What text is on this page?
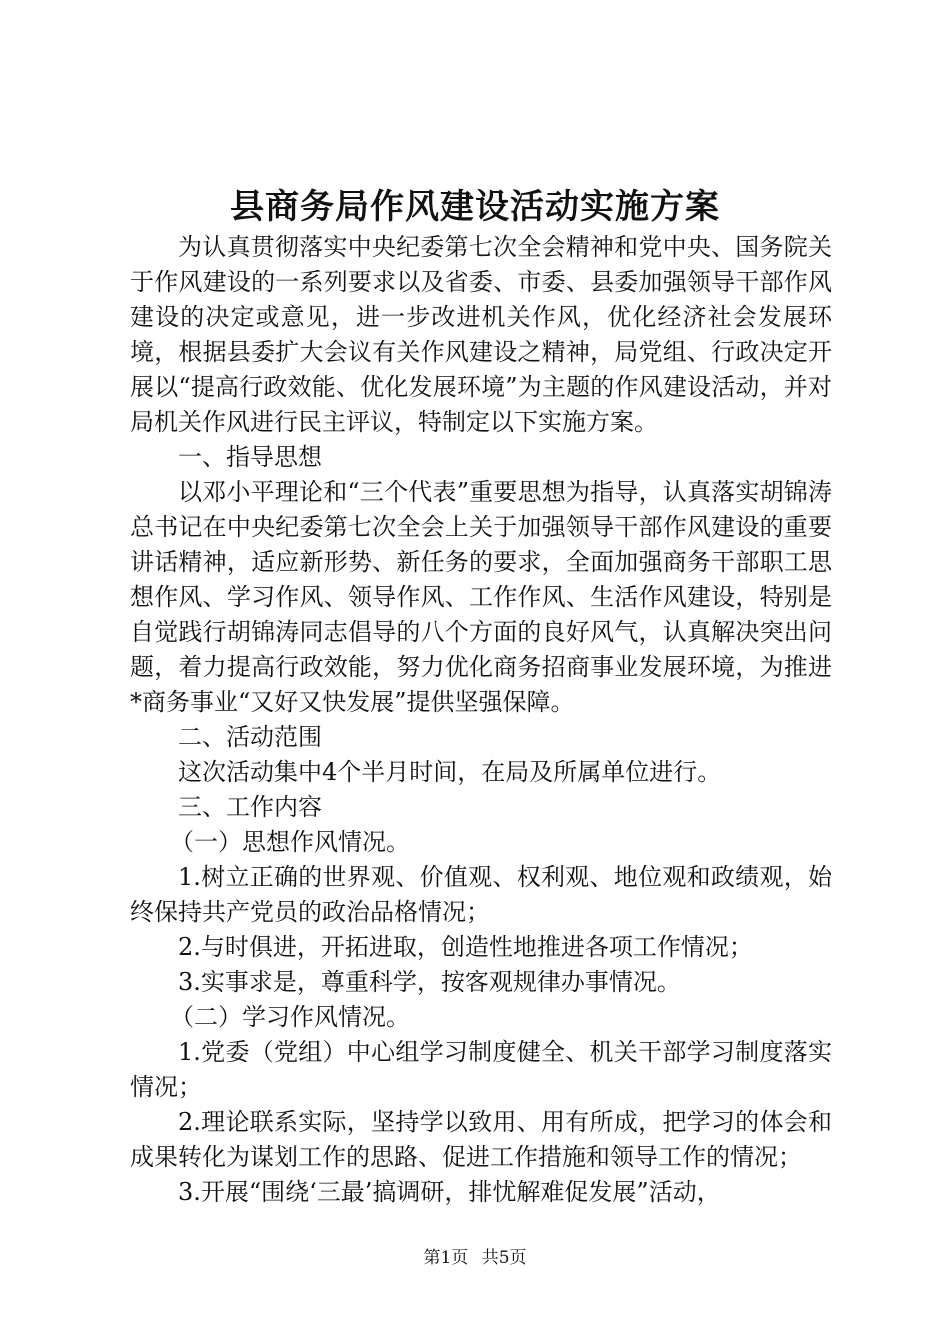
县商务局作风建设活动实施方案

为认真贯彻落实中央纪委第七次全会精神和党中央、国务院关于作风建设的一系列要求以及省委、市委、县委加强领导干部作风建设的决定或意见，进一步改进机关作风，优化经济社会发展环境，根据县委扩大会议有关作风建设之精神，局党组、行政决定开展以“提高行政效能、优化发展环境”为主题的作风建设活动，并对局机关作风进行民主评议，特制定以下实施方案。

一、指导思想

以邓小平理论和“三个代表”重要思想为指导，认真落实胡锦涛总书记在中央纪委第七次全会上关于加强领导干部作风建设的重要讲话精神，适应新形势、新任务的要求，全面加强商务干部职工思想作风、学习作风、领导作风、工作作风、生活作风建设，特别是自觉践行胡锦涛同志倡导的八个方面的良好风气，认真解决突出问题，着力提高行政效能，努力优化商务招商事业发展环境，为推进*商务事业“又好又快发展”提供坚强保障。

二、活动范围

这次活动集中4个半月时间，在局及所属单位进行。

三、工作内容

（一）思想作风情况。

1.树立正确的世界观、价值观、权利观、地位观和政绩观，始终保持共产党员的政治品格情况；

2.与时俱进，开拓进取，创造性地推进各项工作情况；

3.实事求是，尊重科学，按客观规律办事情况。

（二）学习作风情况。

1.党委（党组）中心组学习制度健全、机关干部学习制度落实情况；

2.理论联系实际，坚持学以致用、用有所成，把学习的体会和成果转化为谋划工作的思路、促进工作措施和领导工作的情况；

3.开展“围绕‘三最’搞调研，排忧解难促发展”活动，

第1页 共5页
